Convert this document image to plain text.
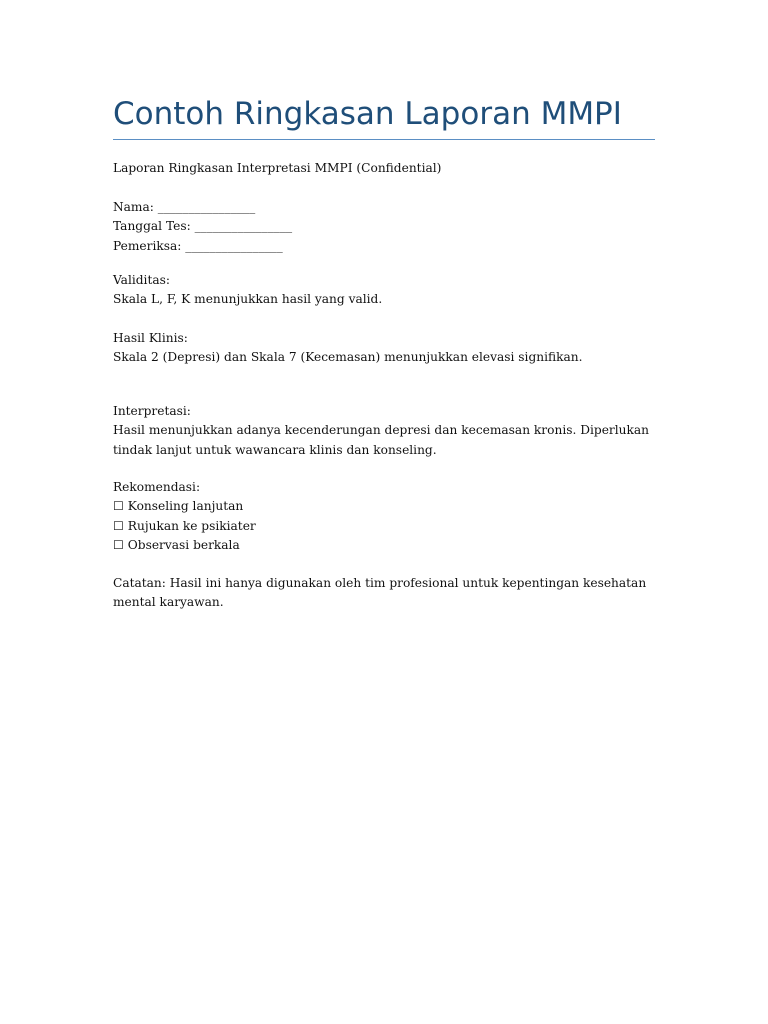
Contoh Ringkasan Laporan MMPI

Laporan Ringkasan Interpretasi MMPI (Confidential)

Nama: ________________
Tanggal Tes: ________________
Pemeriksa: ________________

Validitas:
Skala L, F, K menunjukkan hasil yang valid.

Hasil Klinis:
Skala 2 (Depresi) dan Skala 7 (Kecemasan) menunjukkan elevasi signifikan.

Interpretasi:
Hasil menunjukkan adanya kecenderungan depresi dan kecemasan kronis. Diperlukan
tindak lanjut untuk wawancara klinis dan konseling.

Rekomendasi:
☐ Konseling lanjutan
☐ Rujukan ke psikiater
☐ Observasi berkala

Catatan: Hasil ini hanya digunakan oleh tim profesional untuk kepentingan kesehatan
mental karyawan.
